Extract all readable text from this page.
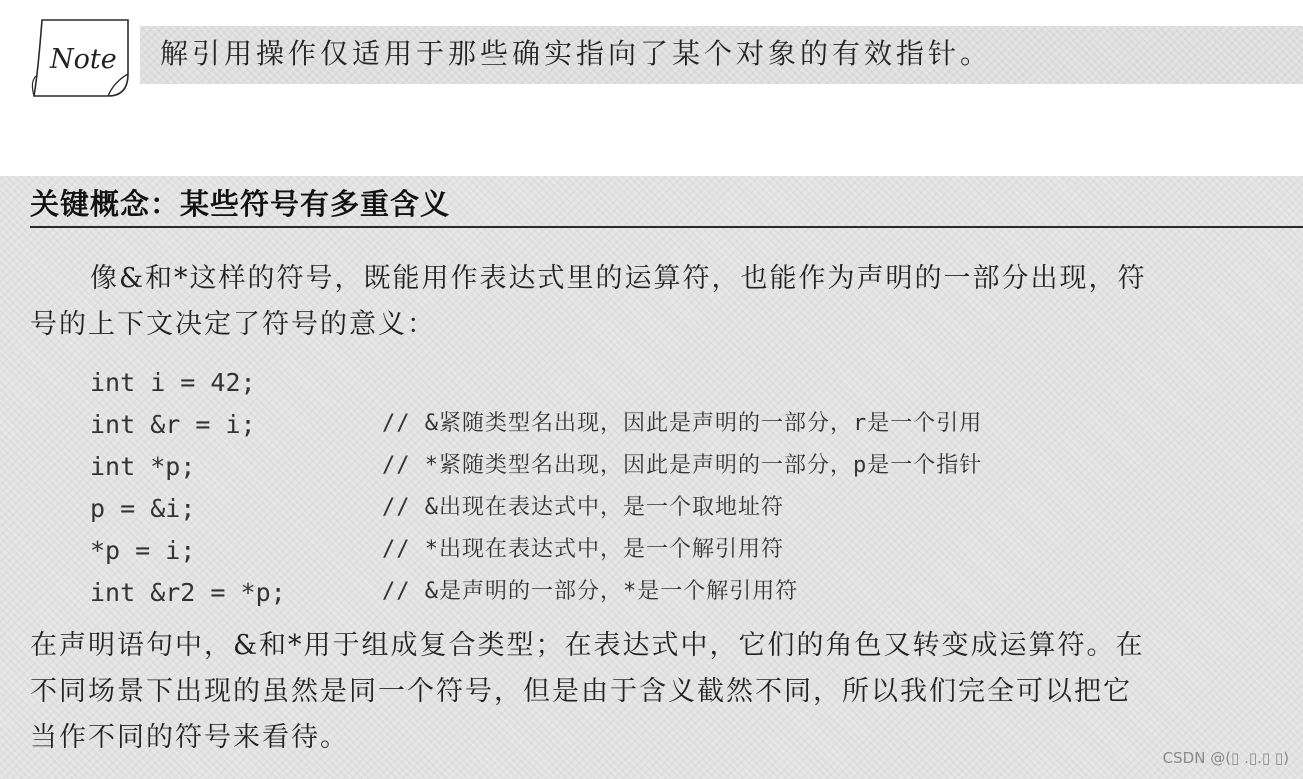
Note 解引用操作仅适用于那些确实指向了某个对象的有效指针。
关键概念：某些符号有多重含义
像&和*这样的符号，既能用作表达式里的运算符，也能作为声明的一部分出现，符
号的上下文决定了符号的意义：
int i = 42;
int &r = i;	// &紧随类型名出现，因此是声明的一部分，r是一个引用
int *p;	// *紧随类型名出现，因此是声明的一部分，p是一个指针
p = &i;	// &出现在表达式中，是一个取地址符
*p = i;	// *出现在表达式中，是一个解引用符
int &r2 = *p;	// &是声明的一部分，*是一个解引用符
在声明语句中，&和*用于组成复合类型；在表达式中，它们的角色又转变成运算符。在
不同场景下出现的虽然是同一个符号，但是由于含义截然不同，所以我们完全可以把它
当作不同的符号来看待。
CSDN @(▯ .▯.▯ ▯)
